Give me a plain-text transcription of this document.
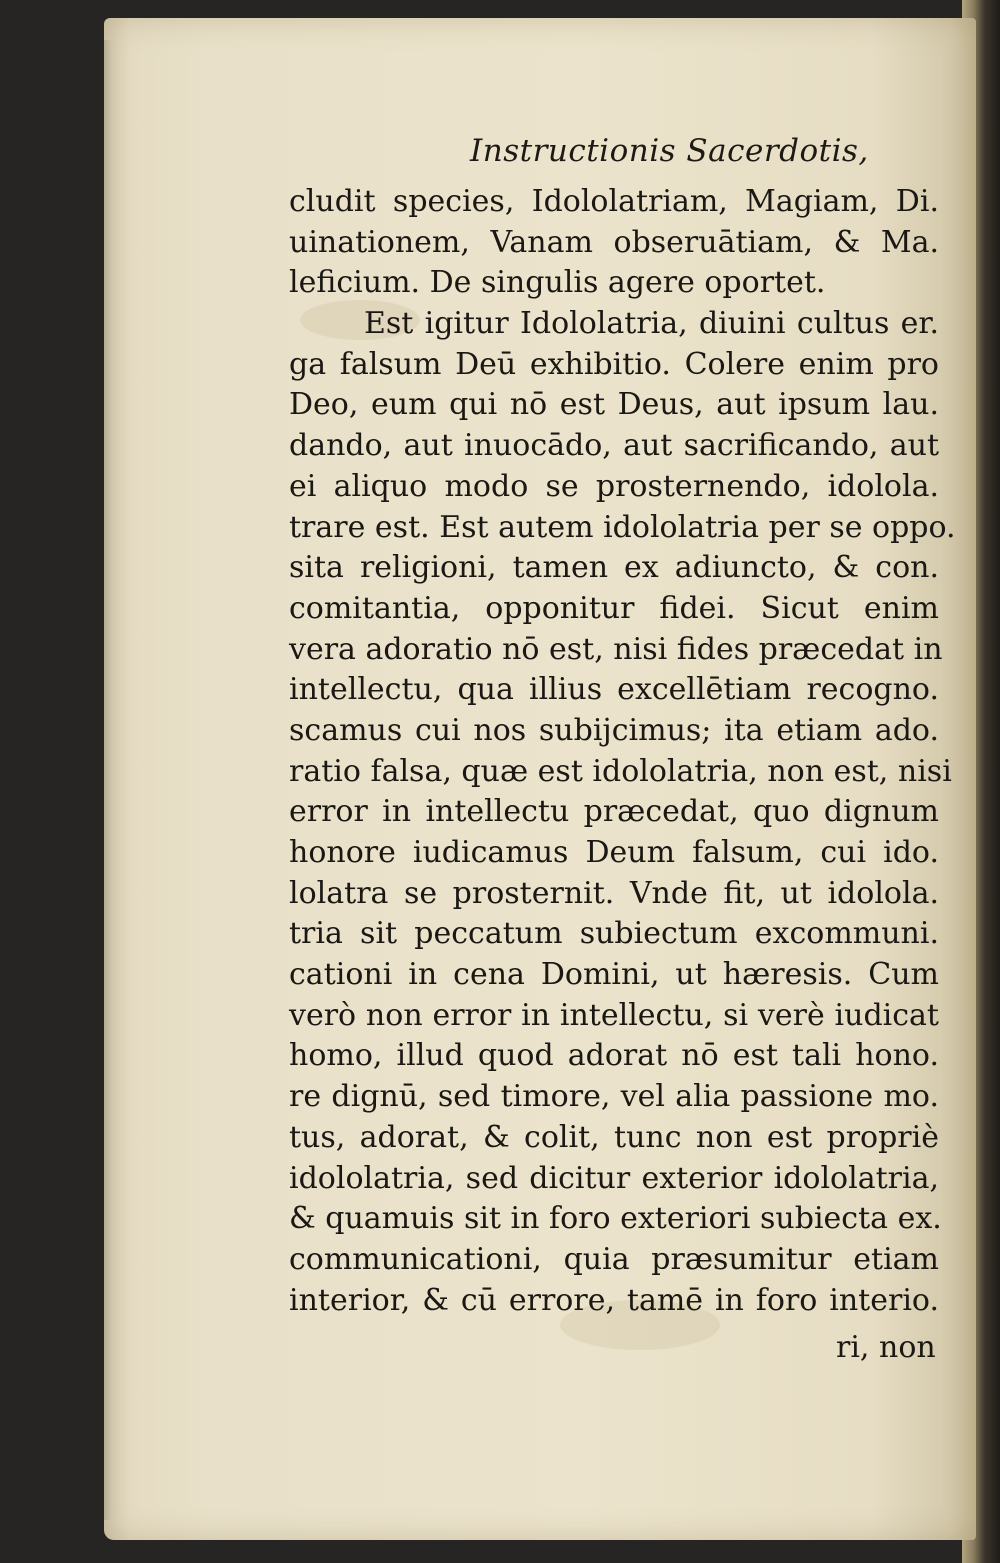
Instructionis Sacerdotis,
cludit species, Idololatriam, Magiam, Di.
uinationem, Vanam obseruātiam, & Ma.
leficium. De singulis agere oportet.
Est igitur Idololatria, diuini cultus er.
ga falsum Deū exhibitio. Colere enim pro
Deo, eum qui nō est Deus, aut ipsum lau.
dando, aut inuocādo, aut sacrificando, aut
ei aliquo modo se prosternendo, idolola.
trare est. Est autem idololatria per se oppo.
sita religioni, tamen ex adiuncto, & con.
comitantia, opponitur fidei. Sicut enim
vera adoratio nō est, nisi fides præcedat in
intellectu, qua illius excellētiam recogno.
scamus cui nos subijcimus; ita etiam ado.
ratio falsa, quæ est idololatria, non est, nisi
error in intellectu præcedat, quo dignum
honore iudicamus Deum falsum, cui ido.
lolatra se prosternit. Vnde fit, ut idolola.
tria sit peccatum subiectum excommuni.
cationi in cena Domini, ut hæresis. Cum
verò non error in intellectu, si verè iudicat
homo, illud quod adorat nō est tali hono.
re dignū, sed timore, vel alia passione mo.
tus, adorat, & colit, tunc non est propriè
idololatria, sed dicitur exterior idololatria,
& quamuis sit in foro exteriori subiecta ex.
communicationi, quia præsumitur etiam
interior, & cū errore, tamē in foro interio.
ri, non
